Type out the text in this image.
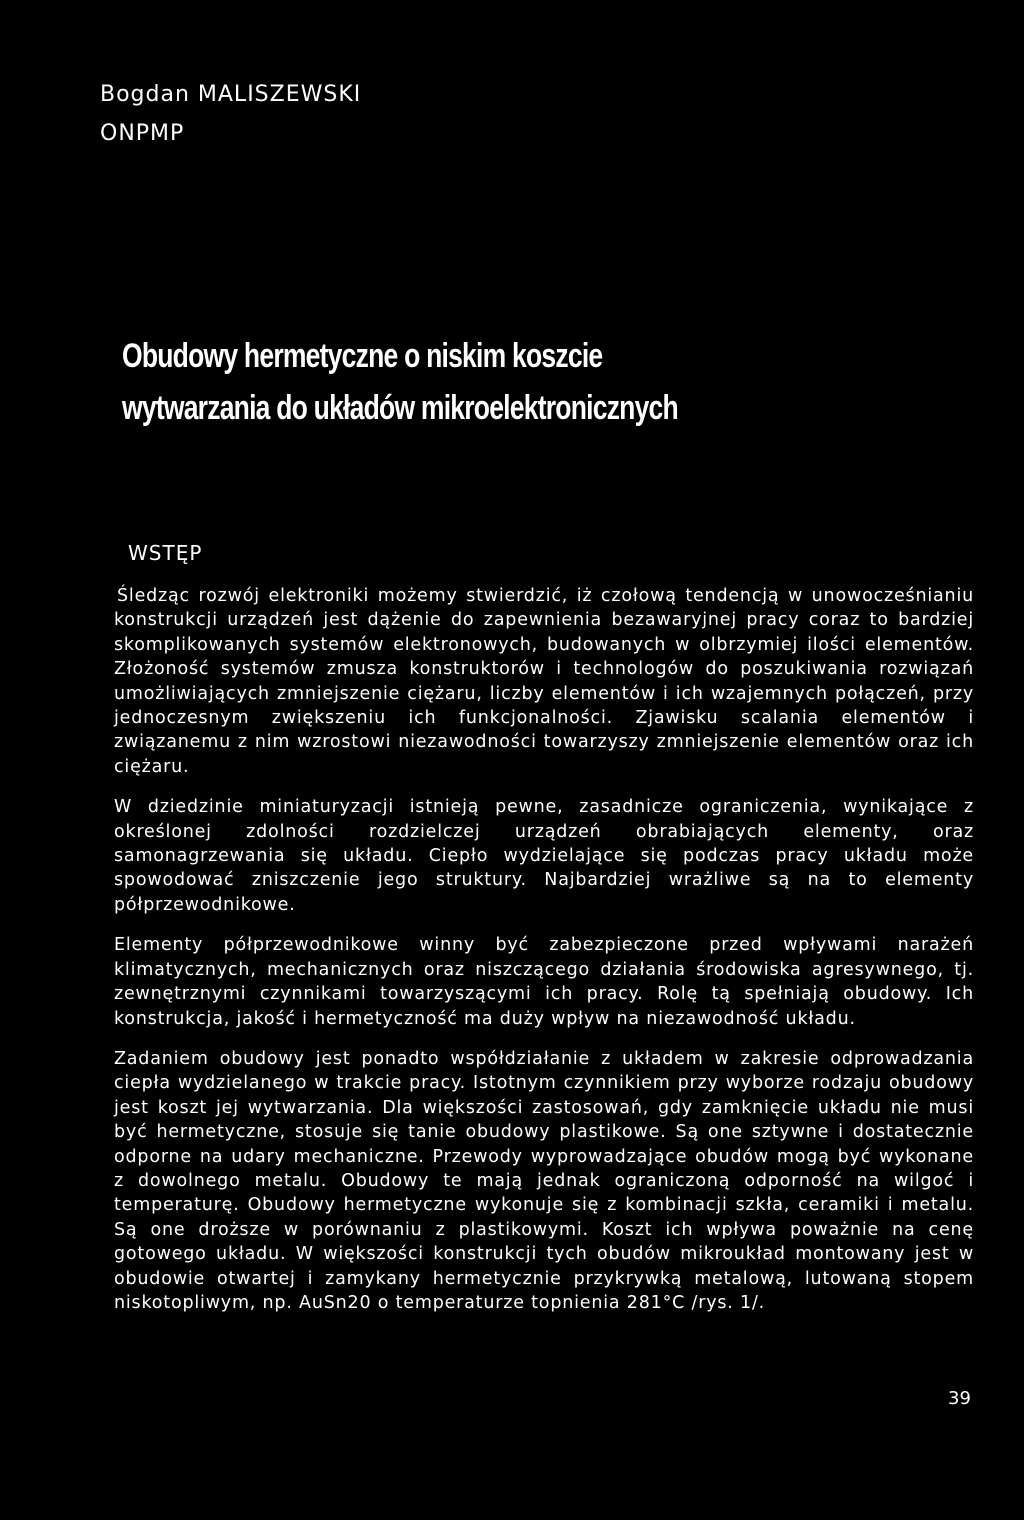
Bogdan MALISZEWSKI
ONPMP
Obudowy hermetyczne o niskim koszcie
wytwarzania do układów mikroelektronicznych
WSTĘP

Śledząc rozwój elektroniki możemy stwierdzić, iż czołową tendencją w unowocześnianiu konstrukcji urządzeń jest dążenie do zapewnienia bezawaryjnej pracy coraz to bardziej skomplikowanych systemów elektronowych, budowanych w olbrzymiej ilości elementów. Złożoność systemów zmusza konstruktorów i technologów do poszukiwania rozwiązań umożliwiających zmniejszenie ciężaru, liczby elementów i ich wzajemnych połączeń, przy jednoczesnym zwiększeniu ich funkcjonalności. Zjawisku scalania elementów i związanemu z nim wzrostowi niezawodności towarzyszy zmniejszenie elementów oraz ich ciężaru.

W dziedzinie miniaturyzacji istnieją pewne, zasadnicze ograniczenia, wynikające z określonej zdolności rozdzielczej urządzeń obrabiających elementy, oraz samonagrzewania się układu. Ciepło wydzielające się podczas pracy układu może spowodować zniszczenie jego struktury. Najbardziej wrażliwe są na to elementy półprzewodnikowe.

Elementy półprzewodnikowe winny być zabezpieczone przed wpływami narażeń klimatycznych, mechanicznych oraz niszczącego działania środowiska agresywnego, tj. zewnętrznymi czynnikami towarzyszącymi ich pracy. Rolę tą spełniają obudowy. Ich konstrukcja, jakość i hermetyczność ma duży wpływ na niezawodność układu.

Zadaniem obudowy jest ponadto współdziałanie z układem w zakresie odprowadzania ciepła wydzielanego w trakcie pracy. Istotnym czynnikiem przy wyborze rodzaju obudowy jest koszt jej wytwarzania. Dla większości zastosowań, gdy zamknięcie układu nie musi być hermetyczne, stosuje się tanie obudowy plastikowe. Są one sztywne i dostatecznie odporne na udary mechaniczne. Przewody wyprowadzające obudów mogą być wykonane z dowolnego metalu. Obudowy te mają jednak ograniczoną odporność na wilgoć i temperaturę. Obudowy hermetyczne wykonuje się z kombinacji szkła, ceramiki i metalu. Są one droższe w porównaniu z plastikowymi. Koszt ich wpływa poważnie na cenę gotowego układu. W większości konstrukcji tych obudów mikroukład montowany jest w obudowie otwartej i zamykany hermetycznie przykrywką metalową, lutowaną stopem niskotopliwym, np. AuSn20 o temperaturze topnienia 281°C /rys. 1/.

39
